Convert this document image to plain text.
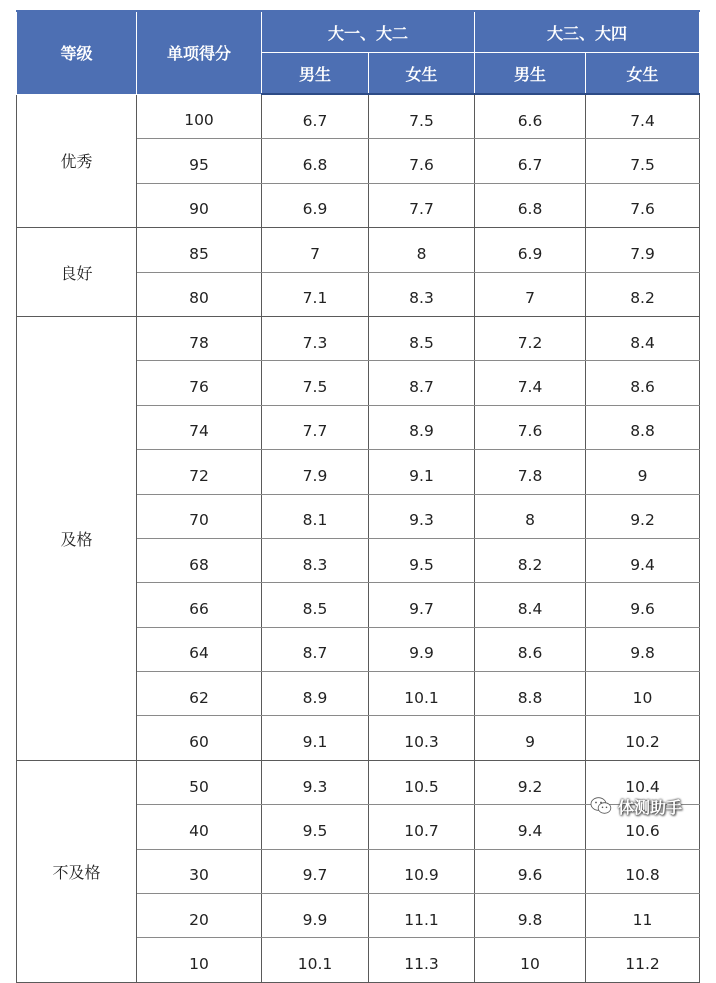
等级	单项得分	大一、大二		大三、大四	
		男生	女生	男生	女生
优秀	100	6.7	7.5	6.6	7.4
	95	6.8	7.6	6.7	7.5
	90	6.9	7.7	6.8	7.6
良好	85	7	8	6.9	7.9
	80	7.1	8.3	7	8.2
及格	78	7.3	8.5	7.2	8.4
	76	7.5	8.7	7.4	8.6
	74	7.7	8.9	7.6	8.8
	72	7.9	9.1	7.8	9
	70	8.1	9.3	8	9.2
	68	8.3	9.5	8.2	9.4
	66	8.5	9.7	8.4	9.6
	64	8.7	9.9	8.6	9.8
	62	8.9	10.1	8.8	10
	60	9.1	10.3	9	10.2
不及格	50	9.3	10.5	9.2	10.4
	40	9.5	10.7	9.4	10.6
	30	9.7	10.9	9.6	10.8
	20	9.9	11.1	9.8	11
	10	10.1	11.3	10	11.2
体测助手
